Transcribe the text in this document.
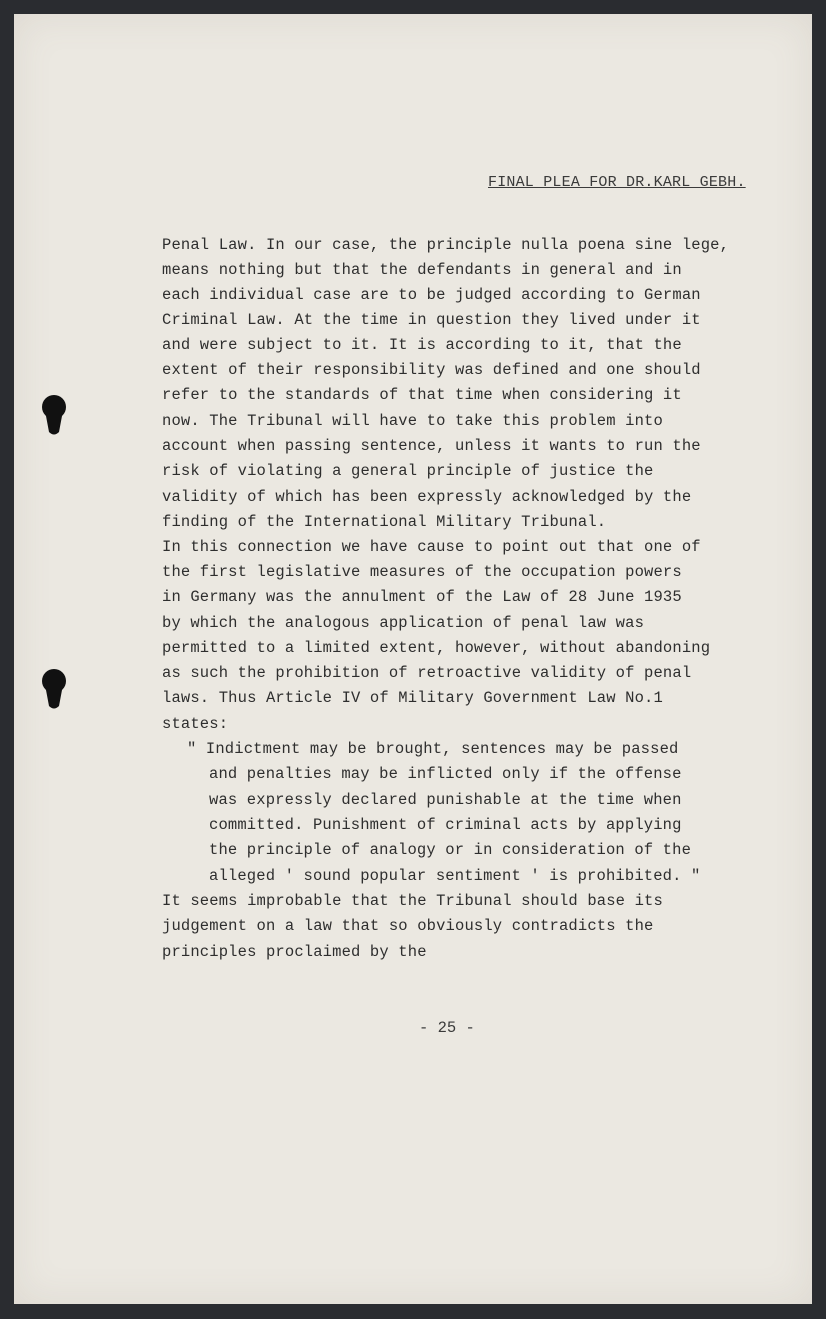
FINAL PLEA FOR DR.KARL GEBH.
Penal Law. In our case, the principle nulla poena sine lege,
means nothing but that the defendants in general and in
each individual case are to be judged according to German
Criminal Law. At the time in question they lived under it
and were subject to it. It is according to it, that the
extent of their responsibility was defined and one should
refer to the standards of that time when considering it
now. The Tribunal will have to take this problem into
account when passing sentence, unless it wants to run the
risk of violating a general principle of justice the
validity of which has been expressly acknowledged by the
finding of the International Military Tribunal.
In this connection we have cause to point out that one of
the first legislative measures of the occupation powers
in Germany was the annulment of the Law of 28 June 1935
by which the analogous application of penal law was
permitted to a limited extent, however, without abandoning
as such the prohibition of retroactive validity of penal
laws. Thus Article IV of Military Government Law No.1
states:
" Indictment may be brought, sentences may be passed
and penalties may be inflicted only if the offense
was expressly declared punishable at the time when
committed. Punishment of criminal acts by applying
the principle of analogy or in consideration of the
alleged ' sound popular sentiment ' is prohibited. "
It seems improbable that the Tribunal should base its
judgement on a law that so obviously contradicts the
principles proclaimed by the
- 25 -
